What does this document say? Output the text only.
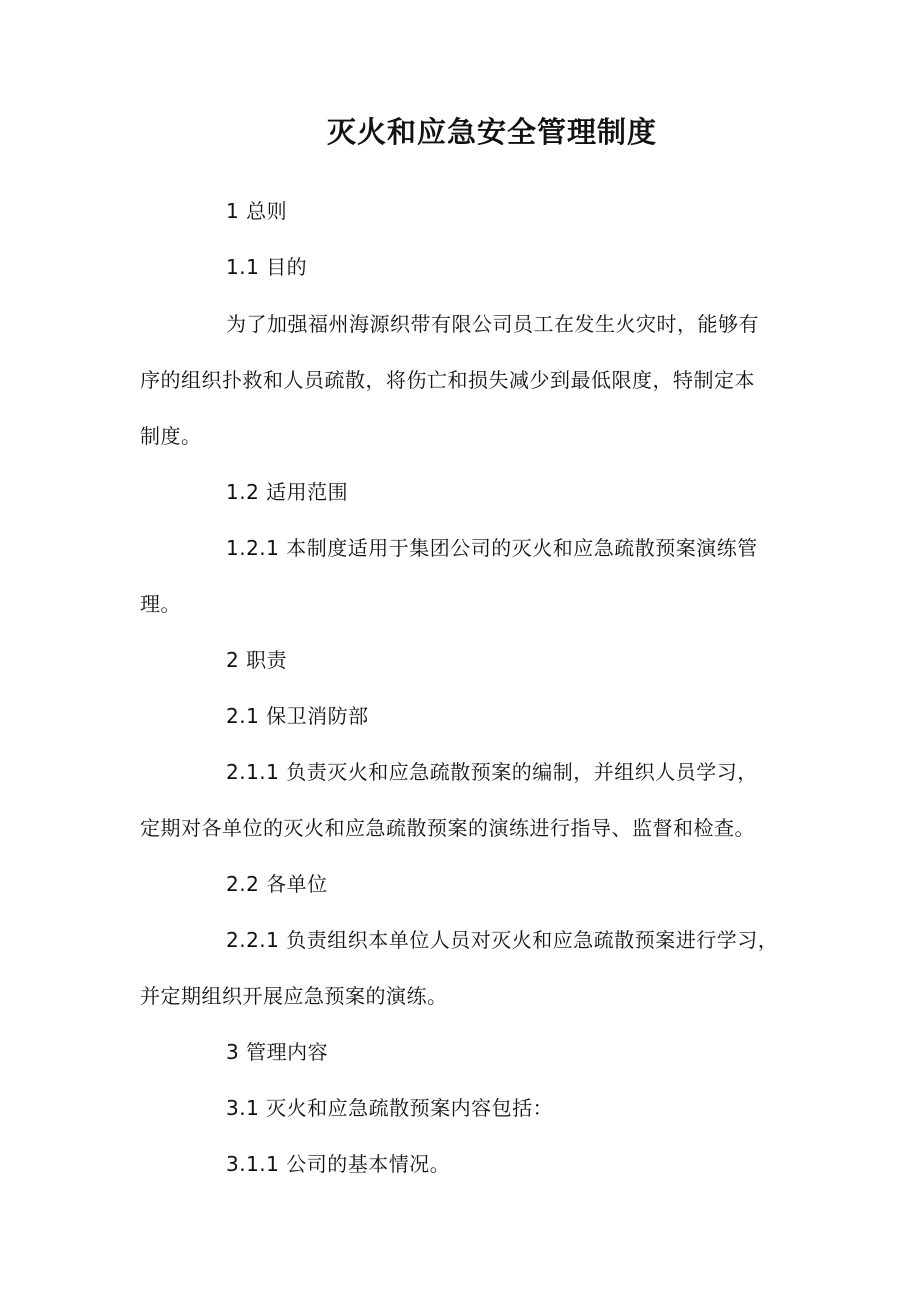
灭火和应急安全管理制度

1 总则

1.1 目的

为了加强福州海源织带有限公司员工在发生火灾时，能够有

序的组织扑救和人员疏散，将伤亡和损失减少到最低限度，特制定本

制度。

1.2 适用范围

1.2.1 本制度适用于集团公司的灭火和应急疏散预案演练管

理。

2 职责

2.1 保卫消防部

2.1.1 负责灭火和应急疏散预案的编制，并组织人员学习，

定期对各单位的灭火和应急疏散预案的演练进行指导、监督和检查。

2.2 各单位

2.2.1 负责组织本单位人员对灭火和应急疏散预案进行学习，

并定期组织开展应急预案的演练。

3 管理内容

3.1 灭火和应急疏散预案内容包括：

3.1.1 公司的基本情况。
